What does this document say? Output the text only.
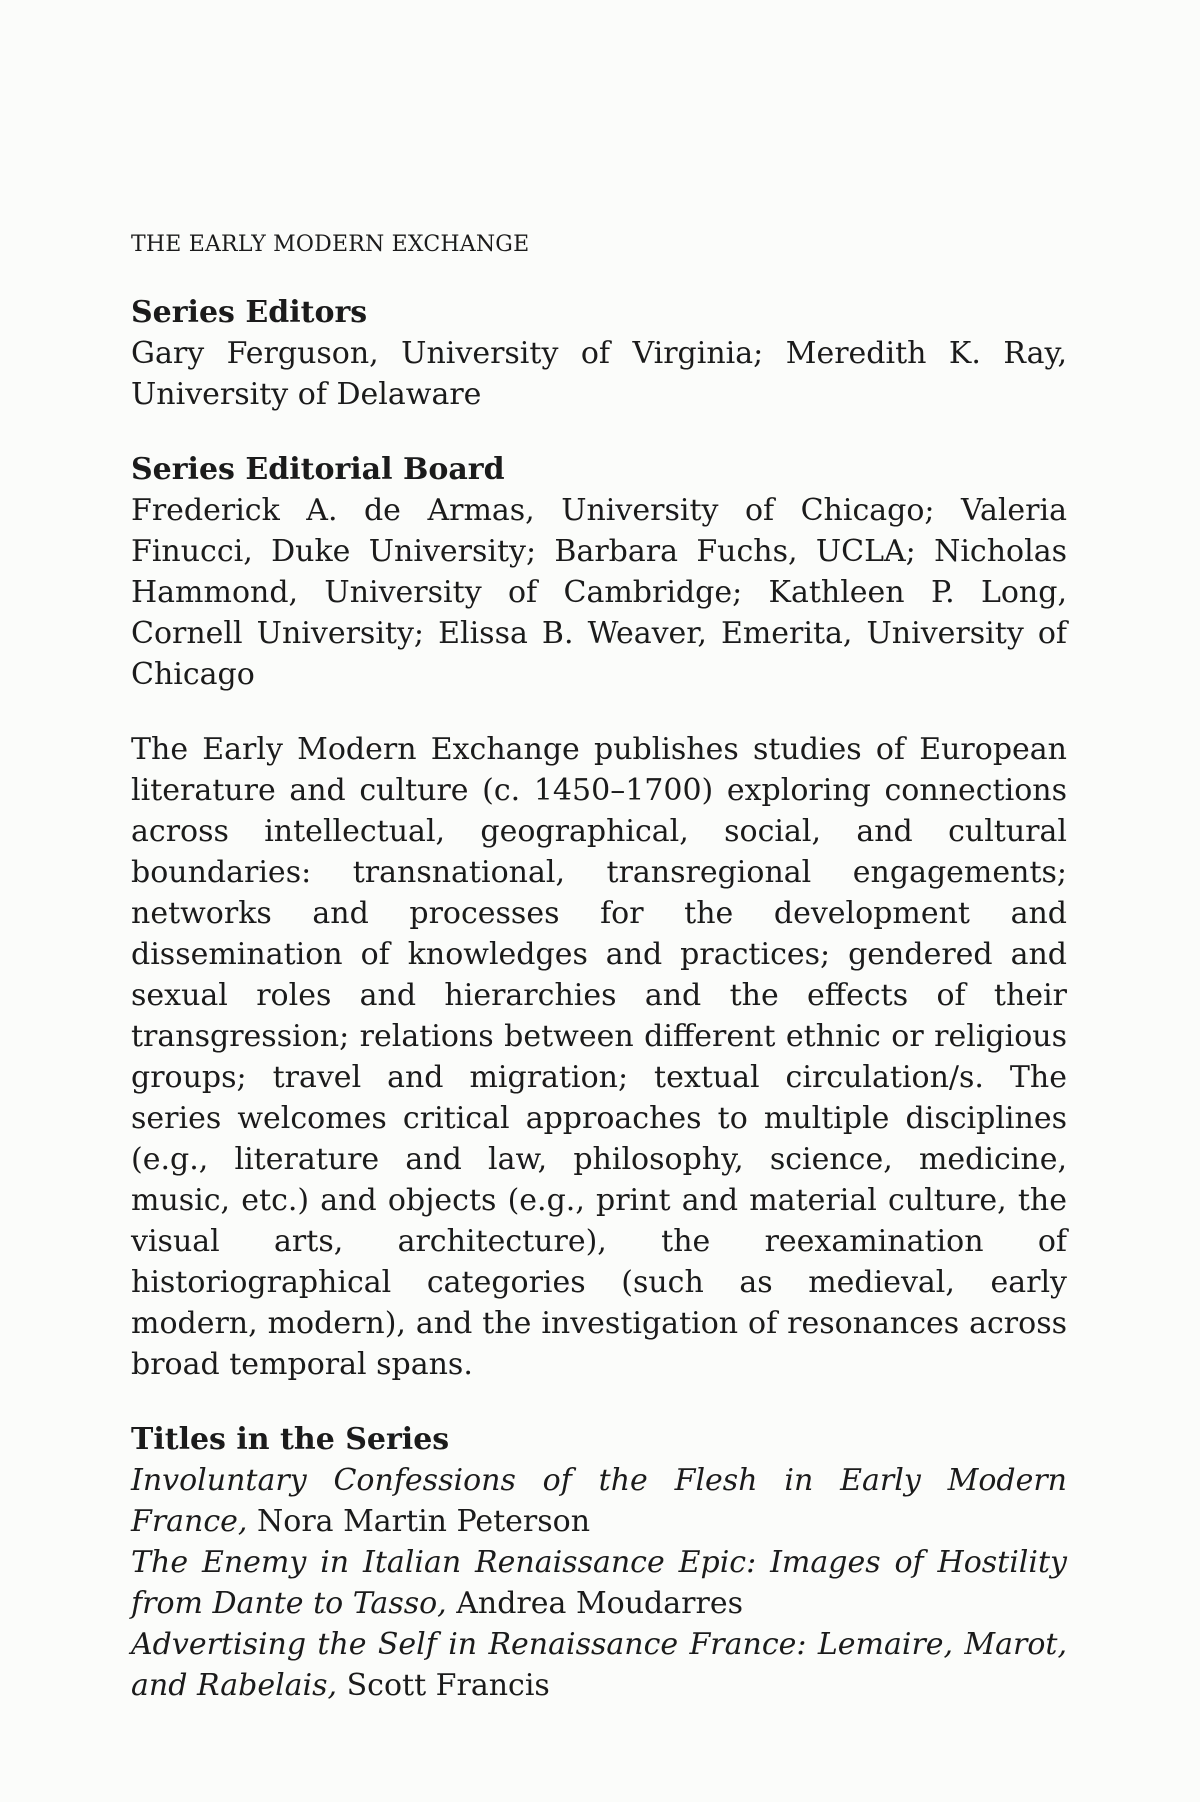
THE EARLY MODERN EXCHANGE
Series Editors

Gary Ferguson, University of Virginia; Meredith K. Ray, University of Delaware

Series Editorial Board

Frederick A. de Armas, University of Chicago; Valeria Finucci, Duke University; Barbara Fuchs, UCLA; Nicholas Hammond, University of Cambridge; Kathleen P. Long, Cornell University; Elissa B. Weaver, Emerita, University of Chicago

The Early Modern Exchange publishes studies of European literature and culture (c. 1450–1700) exploring connections across intellectual, geographical, social, and cultural boundaries: transnational, transregional engagements; networks and processes for the development and dissemination of knowledges and practices; gendered and sexual roles and hierarchies and the effects of their transgression; relations between different ethnic or religious groups; travel and migration; textual circulation/s. The series welcomes critical approaches to multiple disciplines (e.g., literature and law, philosophy, science, medicine, music, etc.) and objects (e.g., print and material culture, the visual arts, architecture), the reexamination of historiographical categories (such as medieval, early modern, modern), and the investigation of resonances across broad temporal spans.

Titles in the Series

Involuntary Confessions of the Flesh in Early Modern France, Nora Martin Peterson

The Enemy in Italian Renaissance Epic: Images of Hostility from Dante to Tasso, Andrea Moudarres

Advertising the Self in Renaissance France: Lemaire, Marot, and Rabelais, Scott Francis
